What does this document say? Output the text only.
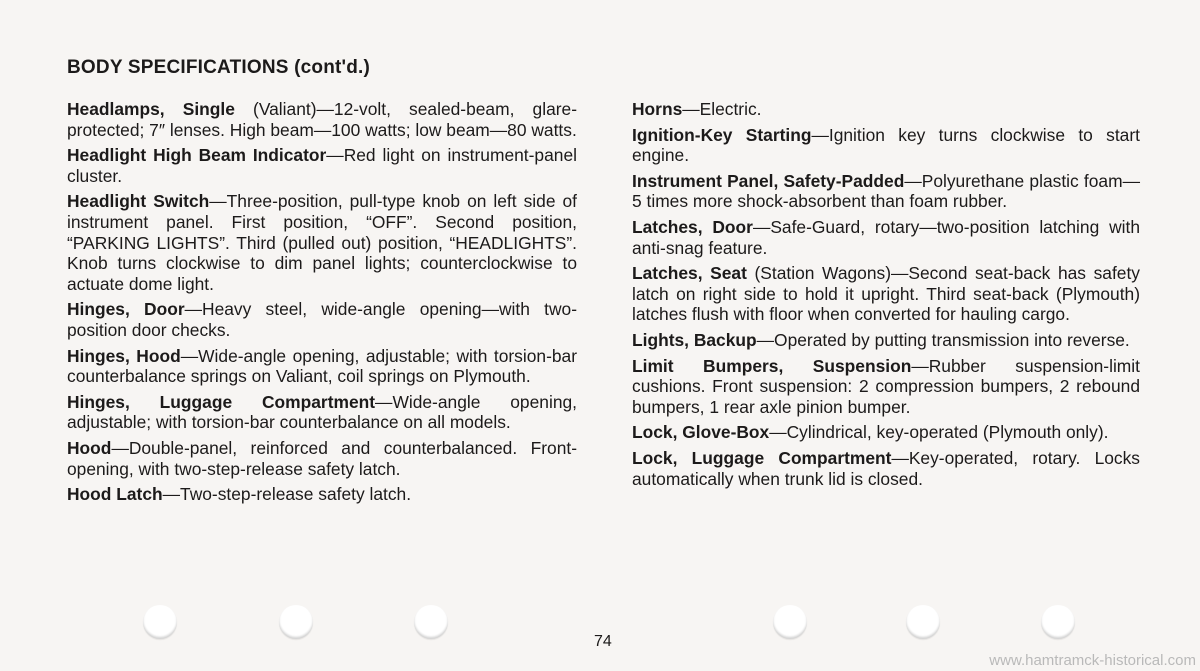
BODY SPECIFICATIONS (cont'd.)

Headlamps, Single (Valiant)—12-volt, sealed-beam, glare-protected; 7″ lenses. High beam—100 watts; low beam—80 watts.

Headlight High Beam Indicator—Red light on instrument-panel cluster.

Headlight Switch—Three-position, pull-type knob on left side of instrument panel. First position, “OFF”. Second position, “PARKING LIGHTS”. Third (pulled out) position, “HEADLIGHTS”. Knob turns clockwise to dim panel lights; counterclockwise to actuate dome light.

Hinges, Door—Heavy steel, wide-angle opening—with two-position door checks.

Hinges, Hood—Wide-angle opening, adjustable; with torsion-bar counterbalance springs on Valiant, coil springs on Plymouth.

Hinges, Luggage Compartment—Wide-angle opening, adjustable; with torsion-bar counterbalance on all models.

Hood—Double-panel, reinforced and counterbalanced. Front-opening, with two-step-release safety latch.

Hood Latch—Two-step-release safety latch.

Horns—Electric.

Ignition-Key Starting—Ignition key turns clockwise to start engine.

Instrument Panel, Safety-Padded—Polyurethane plastic foam—5 times more shock-absorbent than foam rubber.

Latches, Door—Safe-Guard, rotary—two-position latching with anti-snag feature.

Latches, Seat (Station Wagons)—Second seat-back has safety latch on right side to hold it upright. Third seat-back (Plymouth) latches flush with floor when converted for hauling cargo.

Lights, Backup—Operated by putting transmission into reverse.

Limit Bumpers, Suspension—Rubber suspension-limit cushions. Front suspension: 2 compression bumpers, 2 rebound bumpers, 1 rear axle pinion bumper.

Lock, Glove-Box—Cylindrical, key-operated (Plymouth only).

Lock, Luggage Compartment—Key-operated, rotary. Locks automatically when trunk lid is closed.

74
www.hamtramck-historical.com
